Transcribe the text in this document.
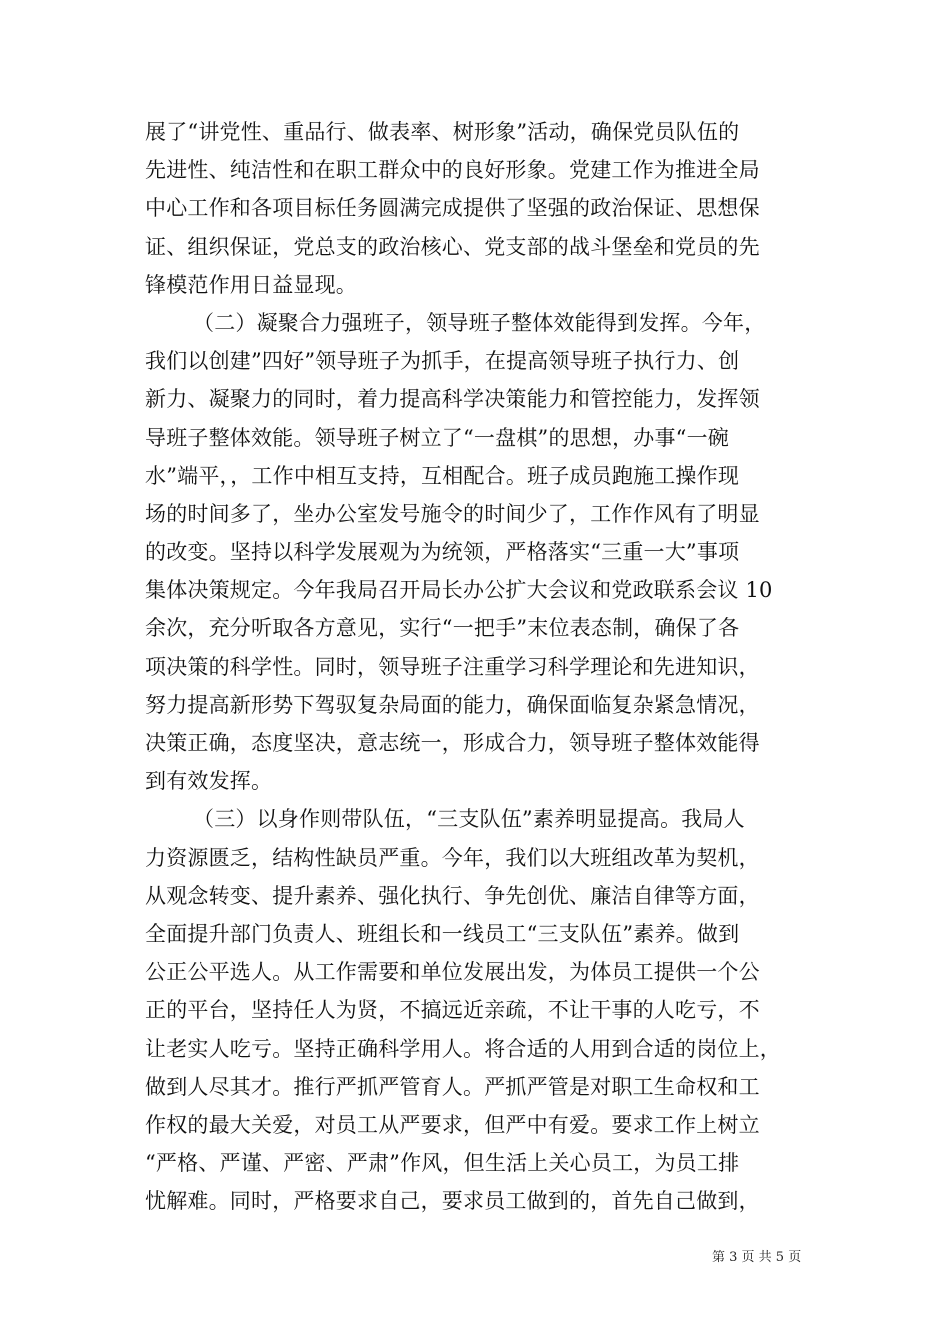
展了“讲党性、重品行、做表率、树形象”活动，确保党员队伍的
先进性、纯洁性和在职工群众中的良好形象。党建工作为推进全局
中心工作和各项目标任务圆满完成提供了坚强的政治保证、思想保
证、组织保证，党总支的政治核心、党支部的战斗堡垒和党员的先
锋模范作用日益显现。
（二）凝聚合力强班子，领导班子整体效能得到发挥。今年，
我们以创建”四好”领导班子为抓手，在提高领导班子执行力、创
新力、凝聚力的同时，着力提高科学决策能力和管控能力，发挥领
导班子整体效能。领导班子树立了“一盘棋”的思想，办事“一碗
水”端平，，工作中相互支持，互相配合。班子成员跑施工操作现
场的时间多了，坐办公室发号施令的时间少了，工作作风有了明显
的改变。坚持以科学发展观为为统领，严格落实“三重一大”事项
集体决策规定。今年我局召开局长办公扩大会议和党政联系会议 10
余次，充分听取各方意见，实行“一把手”末位表态制，确保了各
项决策的科学性。同时，领导班子注重学习科学理论和先进知识，
努力提高新形势下驾驭复杂局面的能力，确保面临复杂紧急情况，
决策正确，态度坚决，意志统一，形成合力，领导班子整体效能得
到有效发挥。
（三）以身作则带队伍，“三支队伍”素养明显提高。我局人
力资源匮乏，结构性缺员严重。今年，我们以大班组改革为契机，
从观念转变、提升素养、强化执行、争先创优、廉洁自律等方面，
全面提升部门负责人、班组长和一线员工“三支队伍”素养。做到
公正公平选人。从工作需要和单位发展出发，为体员工提供一个公
正的平台，坚持任人为贤，不搞远近亲疏，不让干事的人吃亏，不
让老实人吃亏。坚持正确科学用人。将合适的人用到合适的岗位上，
做到人尽其才。推行严抓严管育人。严抓严管是对职工生命权和工
作权的最大关爱，对员工从严要求，但严中有爱。要求工作上树立
“严格、严谨、严密、严肃”作风，但生活上关心员工，为员工排
忧解难。同时，严格要求自己，要求员工做到的，首先自己做到，
第 3 页 共 5 页
